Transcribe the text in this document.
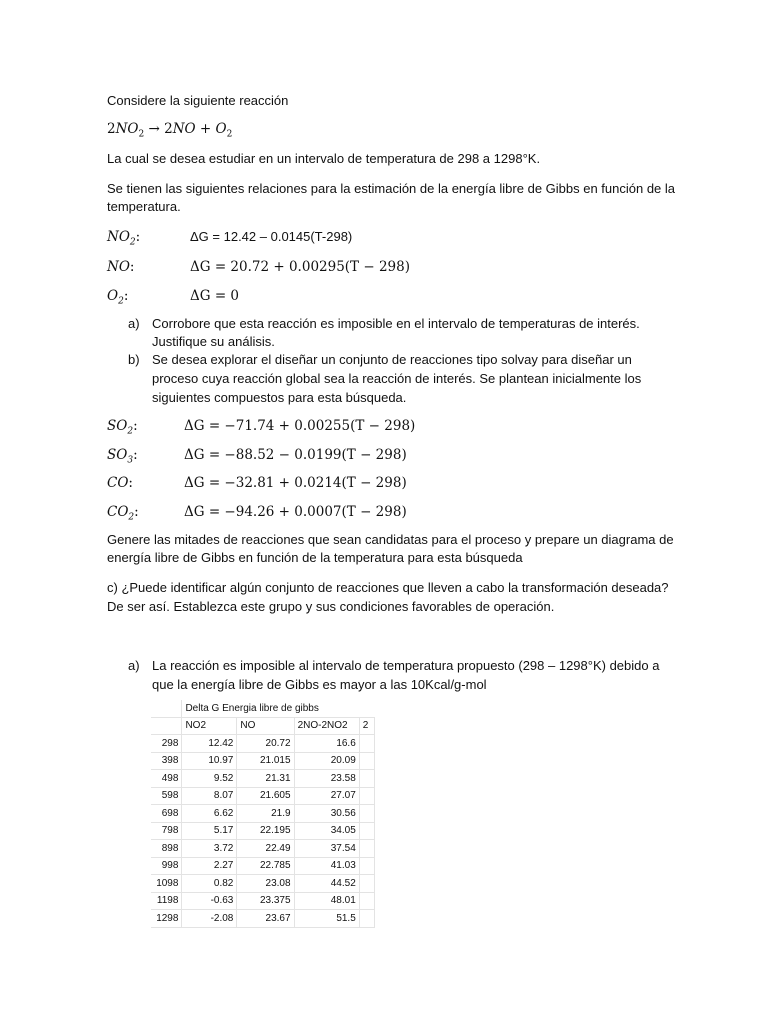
Considere la siguiente reacción
$2NO_2 \to 2NO + O_2$
La cual se desea estudiar en un intervalo de temperatura de 298 a 1298°K.
Se tienen las siguientes relaciones para la estimación de la energía libre de Gibbs en función de la
temperatura.
$NO_2$:	ΔG = 12.42 – 0.0145(T-298)
NO:	ΔG = 20.72 + 0.00295(T − 298)
$O_2$:	ΔG = 0
a) Corrobore que esta reacción es imposible en el intervalo de temperaturas de interés.
Justifique su análisis.
b) Se desea explorar el diseñar un conjunto de reacciones tipo solvay para diseñar un
proceso cuya reacción global sea la reacción de interés. Se plantean inicialmente los
siguientes compuestos para esta búsqueda.
$SO_2$:	ΔG = −71.74 + 0.00255(T − 298)
$SO_3$:	ΔG = −88.52 − 0.0199(T − 298)
CO:	ΔG = −32.81 + 0.0214(T − 298)
$CO_2$:	ΔG = −94.26 + 0.0007(T − 298)
Genere las mitades de reacciones que sean candidatas para el proceso y prepare un diagrama de
energía libre de Gibbs en función de la temperatura para esta búsqueda
c) ¿Puede identificar algún conjunto de reacciones que lleven a cabo la transformación deseada?
De ser así. Establezca este grupo y sus condiciones favorables de operación.
a) La reacción es imposible al intervalo de temperatura propuesto (298 – 1298°K) debido a
que la energía libre de Gibbs es mayor a las 10Kcal/g-mol
	Delta G Energia libre de gibbs			
	NO2	NO	2NO-2NO2	2
298	12.42	20.72	16.6	
398	10.97	21.015	20.09	
498	9.52	21.31	23.58	
598	8.07	21.605	27.07	
698	6.62	21.9	30.56	
798	5.17	22.195	34.05	
898	3.72	22.49	37.54	
998	2.27	22.785	41.03	
1098	0.82	23.08	44.52	
1198	-0.63	23.375	48.01	
1298	-2.08	23.67	51.5	
